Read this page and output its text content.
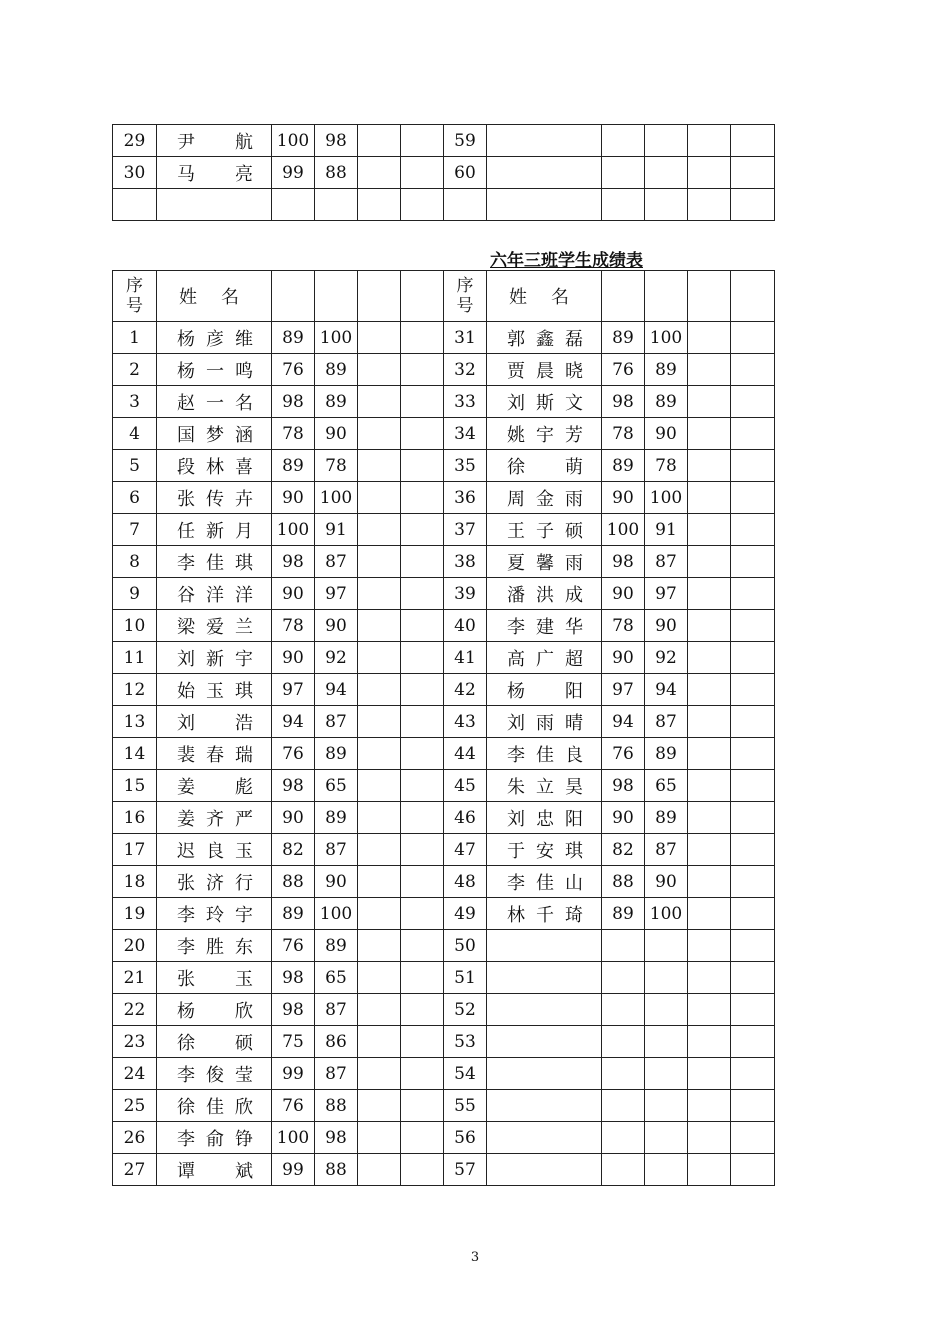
29	尹航	100	98			59	

30	马亮	99	88			60	

六年三班学生成绩表
序号	姓名					序号	姓名				

1	杨彦维	89	100			31	郭鑫磊	89	100		
2	杨一鸣	76	89			32	贾晨晓	76	89		
3	赵一名	98	89			33	刘斯文	98	89		
4	国梦涵	78	90			34	姚宇芳	78	90		
5	段林喜	89	78			35	徐萌	89	78		
6	张传卉	90	100			36	周金雨	90	100		
7	任新月	100	91			37	王子硕	100	91		
8	李佳琪	98	87			38	夏馨雨	98	87		
9	谷洋洋	90	97			39	潘洪成	90	97		
10	梁爱兰	78	90			40	李建华	78	90		
11	刘新宇	90	92			41	高广超	90	92		
12	始玉琪	97	94			42	杨阳	97	94		
13	刘浩	94	87			43	刘雨晴	94	87		
14	裴春瑞	76	89			44	李佳良	76	89		
15	姜彪	98	65			45	朱立昊	98	65		
16	姜齐严	90	89			46	刘忠阳	90	89		
17	迟良玉	82	87			47	于安琪	82	87		
18	张济行	88	90			48	李佳山	88	90		
19	李玲宇	89	100			49	林千琦	89	100		
20	李胜东	76	89			50	

21	张玉	98	65			51	

22	杨欣	98	87			52	

23	徐硕	75	86			53	

24	李俊莹	99	87			54	

25	徐佳欣	76	88			55	

26	李俞铮	100	98			56	

27	谭斌	99	88			57	

3
